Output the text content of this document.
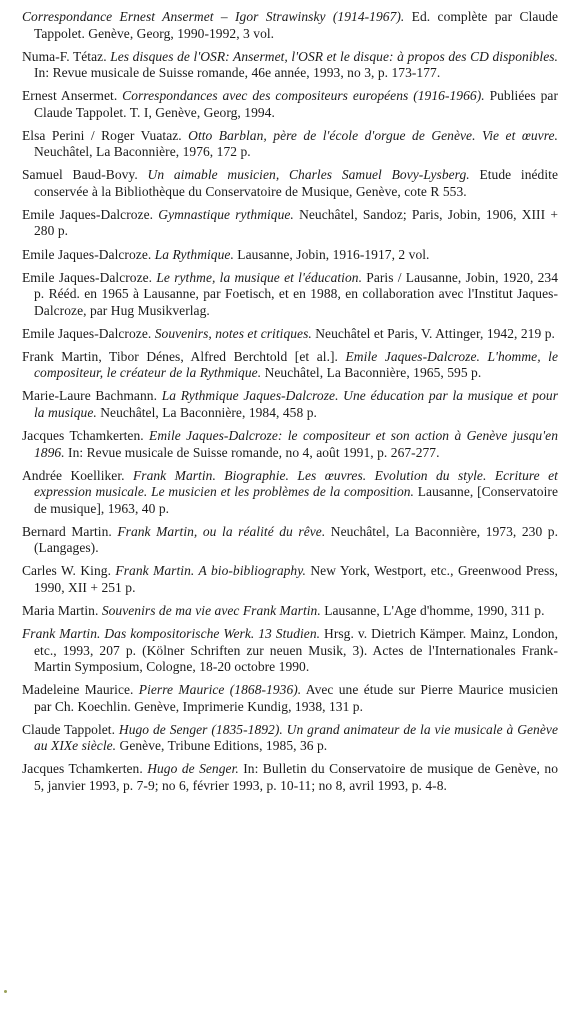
Correspondance Ernest Ansermet – Igor Strawinsky (1914-1967). Ed. complète par Claude Tappolet. Genève, Georg, 1990-1992, 3 vol.

Numa-F. Tétaz. Les disques de l'OSR: Ansermet, l'OSR et le disque: à propos des CD disponibles. In: Revue musicale de Suisse romande, 46e année, 1993, no 3, p. 173-177.

Ernest Ansermet. Correspondances avec des compositeurs européens (1916-1966). Publiées par Claude Tappolet. T. I, Genève, Georg, 1994.

Elsa Perini / Roger Vuataz. Otto Barblan, père de l'école d'orgue de Genève. Vie et œuvre. Neuchâtel, La Baconnière, 1976, 172 p.

Samuel Baud-Bovy. Un aimable musicien, Charles Samuel Bovy-Lysberg. Etude inédite conservée à la Bibliothèque du Conservatoire de Musique, Genève, cote R 553.

Emile Jaques-Dalcroze. Gymnastique rythmique. Neuchâtel, Sandoz; Paris, Jobin, 1906, XIII + 280 p.

Emile Jaques-Dalcroze. La Rythmique. Lausanne, Jobin, 1916-1917, 2 vol.

Emile Jaques-Dalcroze. Le rythme, la musique et l'éducation. Paris / Lausanne, Jobin, 1920, 234 p. Rééd. en 1965 à Lausanne, par Foetisch, et en 1988, en collaboration avec l'Institut Jaques-Dalcroze, par Hug Musikverlag.

Emile Jaques-Dalcroze. Souvenirs, notes et critiques. Neuchâtel et Paris, V. Attinger, 1942, 219 p.

Frank Martin, Tibor Dénes, Alfred Berchtold [et al.]. Emile Jaques-Dalcroze. L'homme, le compositeur, le créateur de la Rythmique. Neuchâtel, La Baconnière, 1965, 595 p.

Marie-Laure Bachmann. La Rythmique Jaques-Dalcroze. Une éducation par la musique et pour la musique. Neuchâtel, La Baconnière, 1984, 458 p.

Jacques Tchamkerten. Emile Jaques-Dalcroze: le compositeur et son action à Genève jusqu'en 1896. In: Revue musicale de Suisse romande, no 4, août 1991, p. 267-277.

Andrée Koelliker. Frank Martin. Biographie. Les œuvres. Evolution du style. Ecriture et expression musicale. Le musicien et les problèmes de la composition. Lausanne, [Conservatoire de musique], 1963, 40 p.

Bernard Martin. Frank Martin, ou la réalité du rêve. Neuchâtel, La Baconnière, 1973, 230 p. (Langages).

Carles W. King. Frank Martin. A bio-bibliography. New York, Westport, etc., Greenwood Press, 1990, XII + 251 p.

Maria Martin. Souvenirs de ma vie avec Frank Martin. Lausanne, L'Age d'homme, 1990, 311 p.

Frank Martin. Das kompositorische Werk. 13 Studien. Hrsg. v. Dietrich Kämper. Mainz, London, etc., 1993, 207 p. (Kölner Schriften zur neuen Musik, 3). Actes de l'Internationales Frank-Martin Symposium, Cologne, 18-20 octobre 1990.

Madeleine Maurice. Pierre Maurice (1868-1936). Avec une étude sur Pierre Maurice musicien par Ch. Koechlin. Genève, Imprimerie Kundig, 1938, 131 p.

Claude Tappolet. Hugo de Senger (1835-1892). Un grand animateur de la vie musicale à Genève au XIXe siècle. Genève, Tribune Editions, 1985, 36 p.

Jacques Tchamkerten. Hugo de Senger. In: Bulletin du Conservatoire de musique de Genève, no 5, janvier 1993, p. 7-9; no 6, février 1993, p. 10-11; no 8, avril 1993, p. 4-8.
